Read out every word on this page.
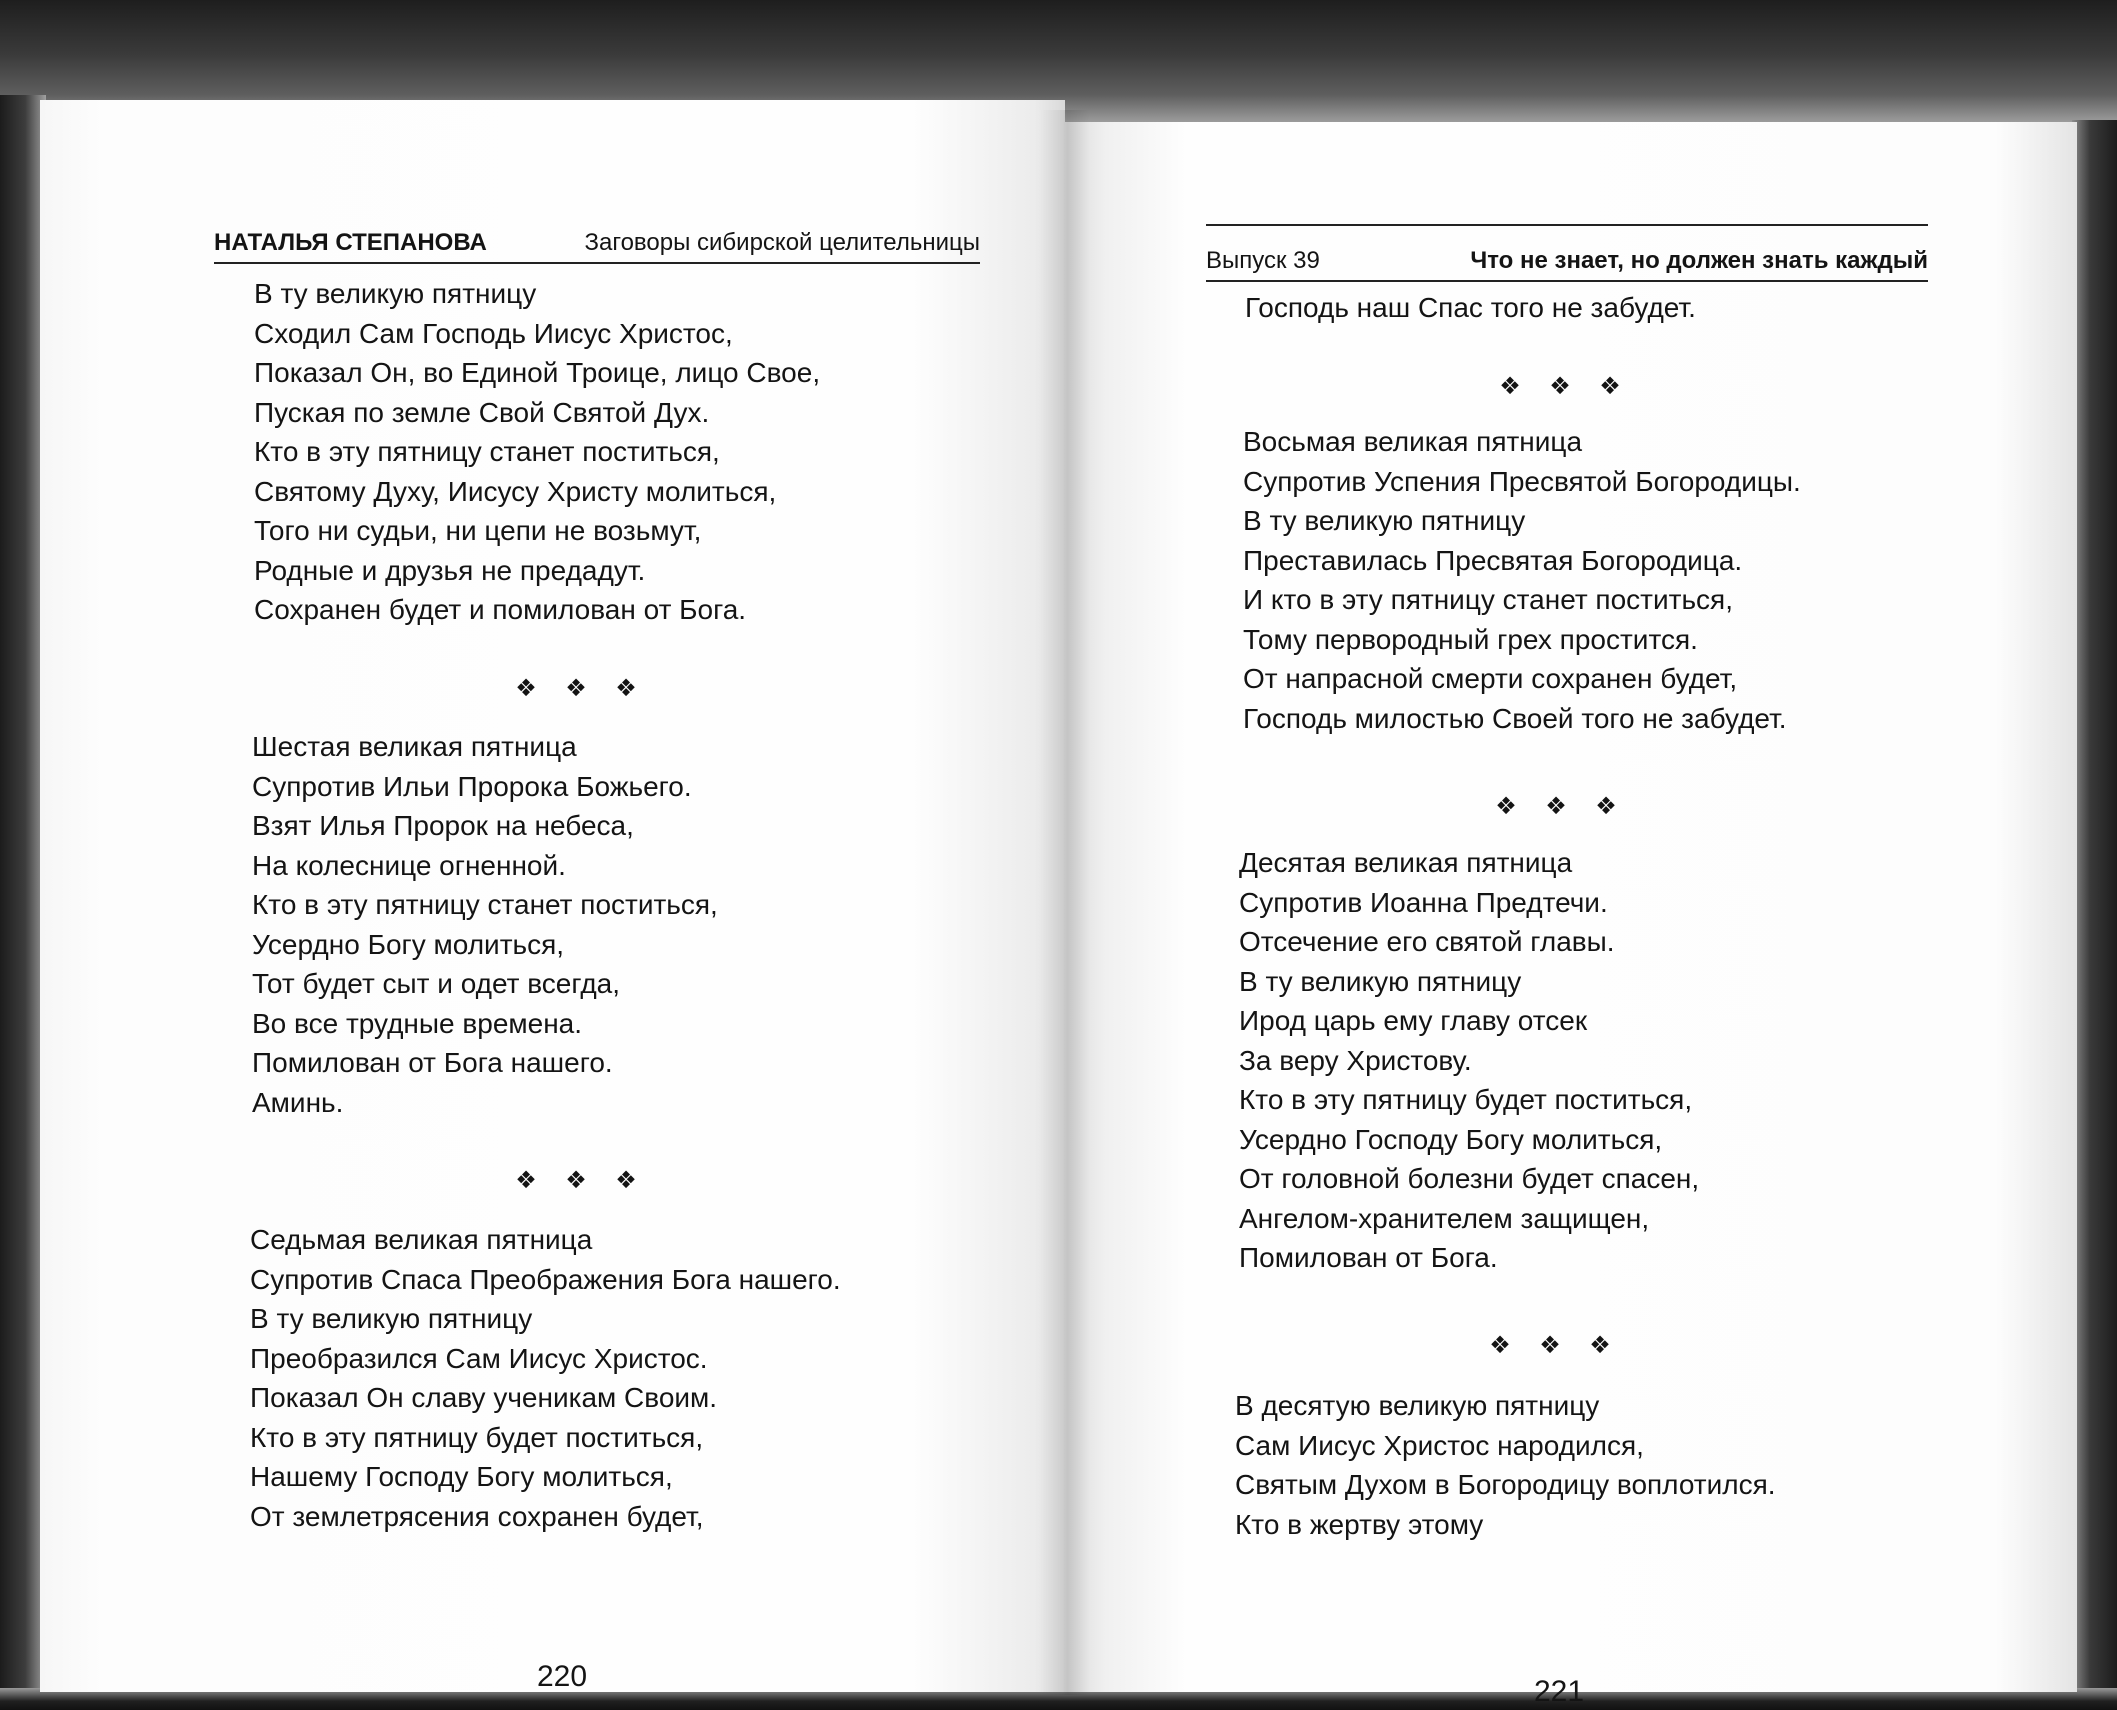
НАТАЛЬЯ СТЕПАНОВА	Заговоры сибирской целительницы
В ту великую пятницу
Сходил Сам Господь Иисус Христос,
Показал Он, во Единой Троице, лицо Свое,
Пуская по земле Свой Святой Дух.
Кто в эту пятницу станет поститься,
Святому Духу, Иисусу Христу молиться,
Того ни судьи, ни цепи не возьмут,
Родные и друзья не предадут.
Сохранен будет и помилован от Бога.
❖ ❖ ❖
Шестая великая пятница
Супротив Ильи Пророка Божьего.
Взят Илья Пророк на небеса,
На колеснице огненной.
Кто в эту пятницу станет поститься,
Усердно Богу молиться,
Тот будет сыт и одет всегда,
Во все трудные времена.
Помилован от Бога нашего.
Аминь.
❖ ❖ ❖
Седьмая великая пятница
Супротив Спаса Преображения Бога нашего.
В ту великую пятницу
Преобразился Сам Иисус Христос.
Показал Он славу ученикам Своим.
Кто в эту пятницу будет поститься,
Нашему Господу Богу молиться,
От землетрясения сохранен будет,
220
Выпуск 39	Что не знает, но должен знать каждый
Господь наш Спас того не забудет.
❖ ❖ ❖
Восьмая великая пятница
Супротив Успения Пресвятой Богородицы.
В ту великую пятницу
Преставилась Пресвятая Богородица.
И кто в эту пятницу станет поститься,
Тому первородный грех простится.
От напрасной смерти сохранен будет,
Господь милостью Своей того не забудет.
❖ ❖ ❖
Десятая великая пятница
Супротив Иоанна Предтечи.
Отсечение его святой главы.
В ту великую пятницу
Ирод царь ему главу отсек
За веру Христову.
Кто в эту пятницу будет поститься,
Усердно Господу Богу молиться,
От головной болезни будет спасен,
Ангелом-хранителем защищен,
Помилован от Бога.
❖ ❖ ❖
В десятую великую пятницу
Сам Иисус Христос народился,
Святым Духом в Богородицу воплотился.
Кто в жертву этому
221
